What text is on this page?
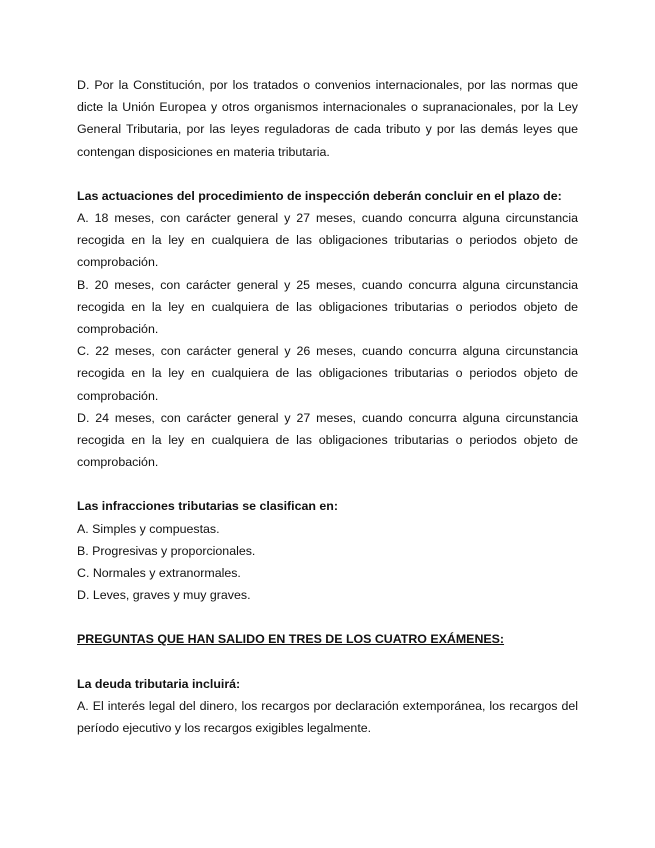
D. Por la Constitución, por los tratados o convenios internacionales, por las normas que dicte la Unión Europea y otros organismos internacionales o supranacionales, por la Ley General Tributaria, por las leyes reguladoras de cada tributo y por las demás leyes que contengan disposiciones en materia tributaria.

Las actuaciones del procedimiento de inspección deberán concluir en el plazo de:

A. 18 meses, con carácter general y 27 meses, cuando concurra alguna circunstancia recogida en la ley en cualquiera de las obligaciones tributarias o periodos objeto de comprobación.

B. 20 meses, con carácter general y 25 meses, cuando concurra alguna circunstancia recogida en la ley en cualquiera de las obligaciones tributarias o periodos objeto de comprobación.

C. 22 meses, con carácter general y 26 meses, cuando concurra alguna circunstancia recogida en la ley en cualquiera de las obligaciones tributarias o periodos objeto de comprobación.

D. 24 meses, con carácter general y 27 meses, cuando concurra alguna circunstancia recogida en la ley en cualquiera de las obligaciones tributarias o periodos objeto de comprobación.

Las infracciones tributarias se clasifican en:

A. Simples y compuestas.

B. Progresivas y proporcionales.

C. Normales y extranormales.

D. Leves, graves y muy graves.

PREGUNTAS QUE HAN SALIDO EN TRES DE LOS CUATRO EXÁMENES:

La deuda tributaria incluirá:

A. El interés legal del dinero, los recargos por declaración extemporánea, los recargos del período ejecutivo y los recargos exigibles legalmente.
